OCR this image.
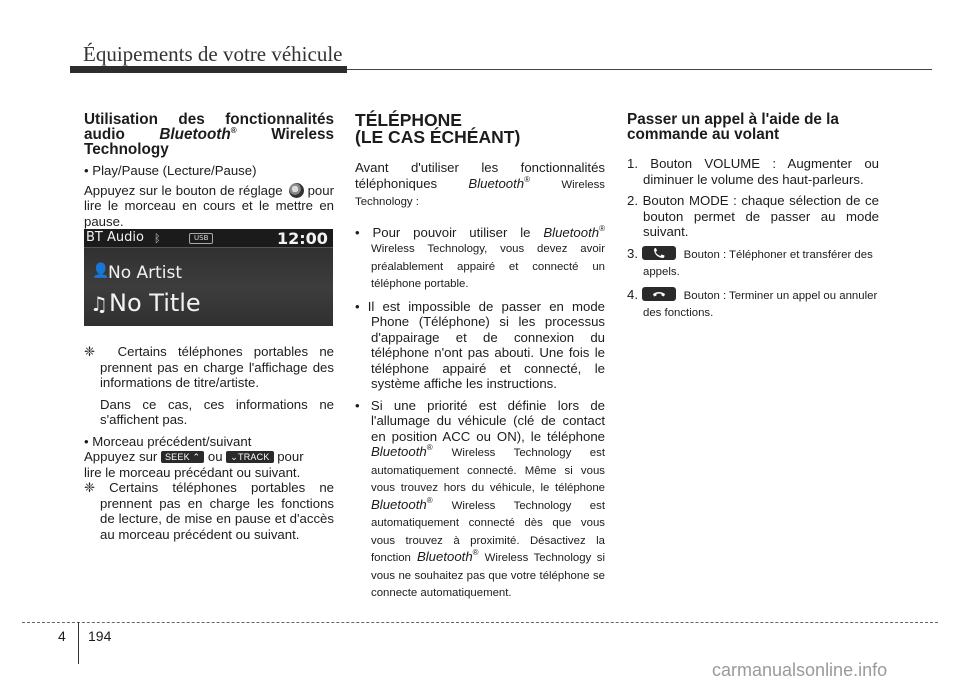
Équipements de votre véhicule
Utilisation des fonctionnalités
audio Bluetooth® Wireless
Technology

• Play/Pause (Lecture/Pause)

Appuyez sur le bouton de réglage pour lire le morceau en cours et le mettre en pause.

BT Audio ᛒ	USB	12:00
👤
No Artist
♫ No Title

❈ Certains téléphones portables ne prennent pas en charge l'affichage des informations de titre/artiste.

Dans ce cas, ces informations ne s'affichent pas.

• Morceau précédent/suivant

Appuyez sur SEEK ⌃ ou ⌄TRACK pour
lire le morceau précédant ou suivant.

❈ Certains téléphones portables ne prennent pas en charge les fonctions de lecture, de mise en pause et d'accès au morceau précédent ou suivant.

TÉLÉPHONE
(LE CAS ÉCHÉANT)

Avant d'utiliser les fonctionnalités téléphoniques Bluetooth®	Wireless Technology :

• Pour pouvoir utiliser le Bluetooth® Wireless Technology, vous devez avoir préalablement appairé et connecté un téléphone portable.

• Il est impossible de passer en mode Phone (Téléphone) si les processus d'appairage et de connexion du téléphone n'ont pas abouti. Une fois le téléphone appairé et connecté, le système affiche les instructions.

• Si une priorité est définie lors de l'allumage du véhicule (clé de contact en position ACC ou ON), le téléphone Bluetooth® Wireless Technology est automatiquement connecté. Même si vous vous trouvez hors du véhicule, le téléphone Bluetooth® Wireless Technology est automatiquement connecté dès que vous vous trouvez à proximité. Désactivez la fonction Bluetooth® Wireless Technology si vous ne souhaitez pas que votre téléphone se connecte automatiquement.

Passer un appel à l'aide de la
commande au volant

1. Bouton VOLUME : Augmenter ou diminuer le volume des haut-parleurs.

2. Bouton MODE : chaque sélection de ce bouton permet de passer au mode suivant.

3.	Bouton : Téléphoner et transférer des appels.

4.	Bouton : Terminer un appel ou annuler des fonctions.

4 194
carmanualsonline.info
